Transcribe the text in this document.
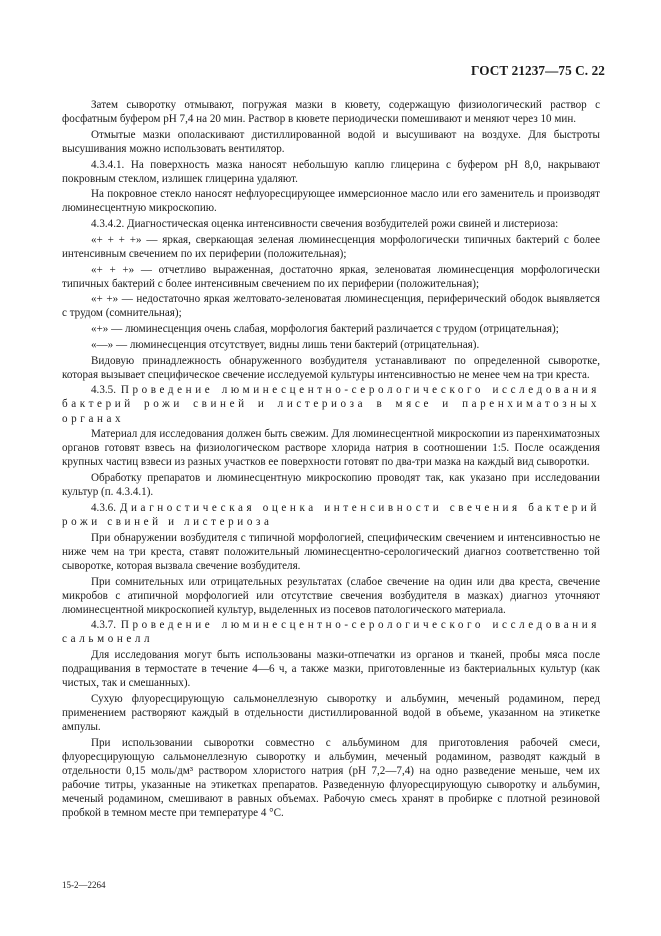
ГОСТ 21237—75 С. 22

Затем сыворотку отмывают, погружая мазки в кювету, содержащую физиологический раствор с фосфатным буфером рН 7,4 на 20 мин. Раствор в кювете периодически помешивают и меняют через 10 мин.

Отмытые мазки ополаскивают дистиллированной водой и высушивают на воздухе. Для быстроты высушивания можно использовать вентилятор.

4.3.4.1. На поверхность мазка наносят небольшую каплю глицерина с буфером рН 8,0, накрывают покровным стеклом, излишек глицерина удаляют.

На покровное стекло наносят нефлуоресцирующее иммерсионное масло или его заменитель и производят люминесцентную микроскопию.

4.3.4.2. Диагностическая оценка интенсивности свечения возбудителей рожи свиней и листериоза:

«+ + + +» — яркая, сверкающая зеленая люминесценция морфологически типичных бактерий с более интенсивным свечением по их периферии (положительная);

«+ + +» — отчетливо выраженная, достаточно яркая, зеленоватая люминесценция морфологически типичных бактерий с более интенсивным свечением по их периферии (положительная);

«+ +» — недостаточно яркая желтовато-зеленоватая люминесценция, периферический ободок выявляется с трудом (сомнительная);

«+» — люминесценция очень слабая, морфология бактерий различается с трудом (отрицательная);

«—» — люминесценция отсутствует, видны лишь тени бактерий (отрицательная).

Видовую принадлежность обнаруженного возбудителя устанавливают по определенной сыворотке, которая вызывает специфическое свечение исследуемой культуры интенсивностью не менее чем на три креста.

4.3.5. Проведение люминесцентно-серологического исследования бактерий рожи свиней и листериоза в мясе и паренхиматозных органах

Материал для исследования должен быть свежим. Для люминесцентной микроскопии из паренхиматозных органов готовят взвесь на физиологическом растворе хлорида натрия в соотношении 1:5. После осаждения крупных частиц взвеси из разных участков ее поверхности готовят по два-три мазка на каждый вид сыворотки.

Обработку препаратов и люминесцентную микроскопию проводят так, как указано при исследовании культур (п. 4.3.4.1).

4.3.6. Диагностическая оценка интенсивности свечения бактерий рожи свиней и листериоза

При обнаружении возбудителя с типичной морфологией, специфическим свечением и интенсивностью не ниже чем на три креста, ставят положительный люминесцентно-серологический диагноз соответственно той сыворотке, которая вызвала свечение возбудителя.

При сомнительных или отрицательных результатах (слабое свечение на один или два креста, свечение микробов с атипичной морфологией или отсутствие свечения возбудителя в мазках) диагноз уточняют люминесцентной микроскопией культур, выделенных из посевов патологического материала.

4.3.7. Проведение люминесцентно-серологического исследования сальмонелл

Для исследования могут быть использованы мазки-отпечатки из органов и тканей, пробы мяса после подращивания в термостате в течение 4—6 ч, а также мазки, приготовленные из бактериальных культур (как чистых, так и смешанных).

Сухую флуоресцирующую сальмонеллезную сыворотку и альбумин, меченый родамином, перед применением растворяют каждый в отдельности дистиллированной водой в объеме, указанном на этикетке ампулы.

При использовании сыворотки совместно с альбумином для приготовления рабочей смеси, флуоресцирующую сальмонеллезную сыворотку и альбумин, меченый родамином, разводят каждый в отдельности 0,15 моль/дм³ раствором хлористого натрия (рН 7,2—7,4) на одно разведение меньше, чем их рабочие титры, указанные на этикетках препаратов. Разведенную флуоресцирующую сыворотку и альбумин, меченый родамином, смешивают в равных объемах. Рабочую смесь хранят в пробирке с плотной резиновой пробкой в темном месте при температуре 4 °С.

15-2—2264
